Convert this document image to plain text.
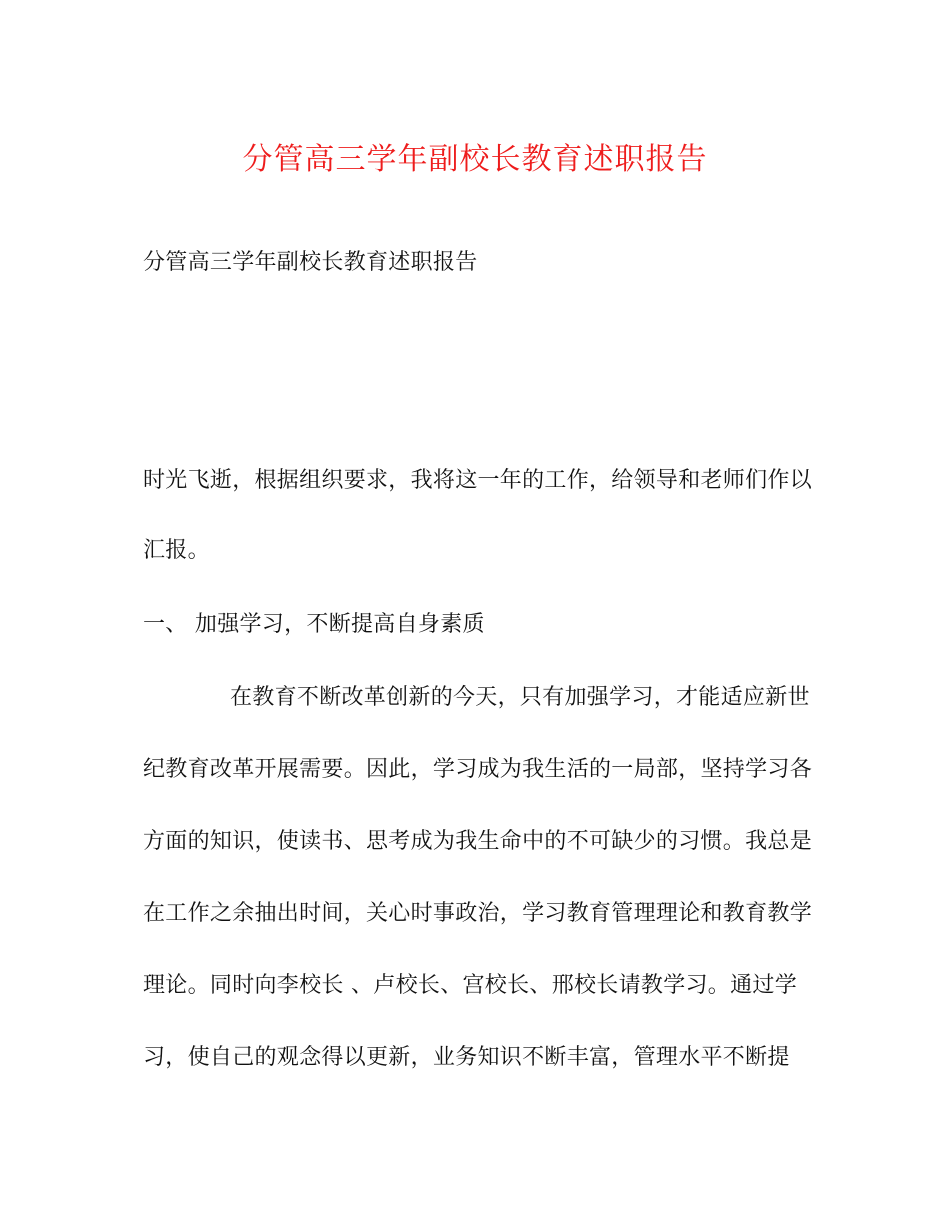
分管高三学年副校长教育述职报告
分管高三学年副校长教育述职报告
时光飞逝，根据组织要求，我将这一年的工作，给领导和老师们作以
汇报。
一、 加强学习，不断提高自身素质
在教育不断改革创新的今天，只有加强学习，才能适应新世
纪教育改革开展需要。因此，学习成为我生活的一局部，坚持学习各
方面的知识，使读书、思考成为我生命中的不可缺少的习惯。我总是
在工作之余抽出时间，关心时事政治，学习教育管理理论和教育教学
理论。同时向李校长 、卢校长、宫校长、邢校长请教学习。通过学
习，使自己的观念得以更新，业务知识不断丰富，管理水平不断提
